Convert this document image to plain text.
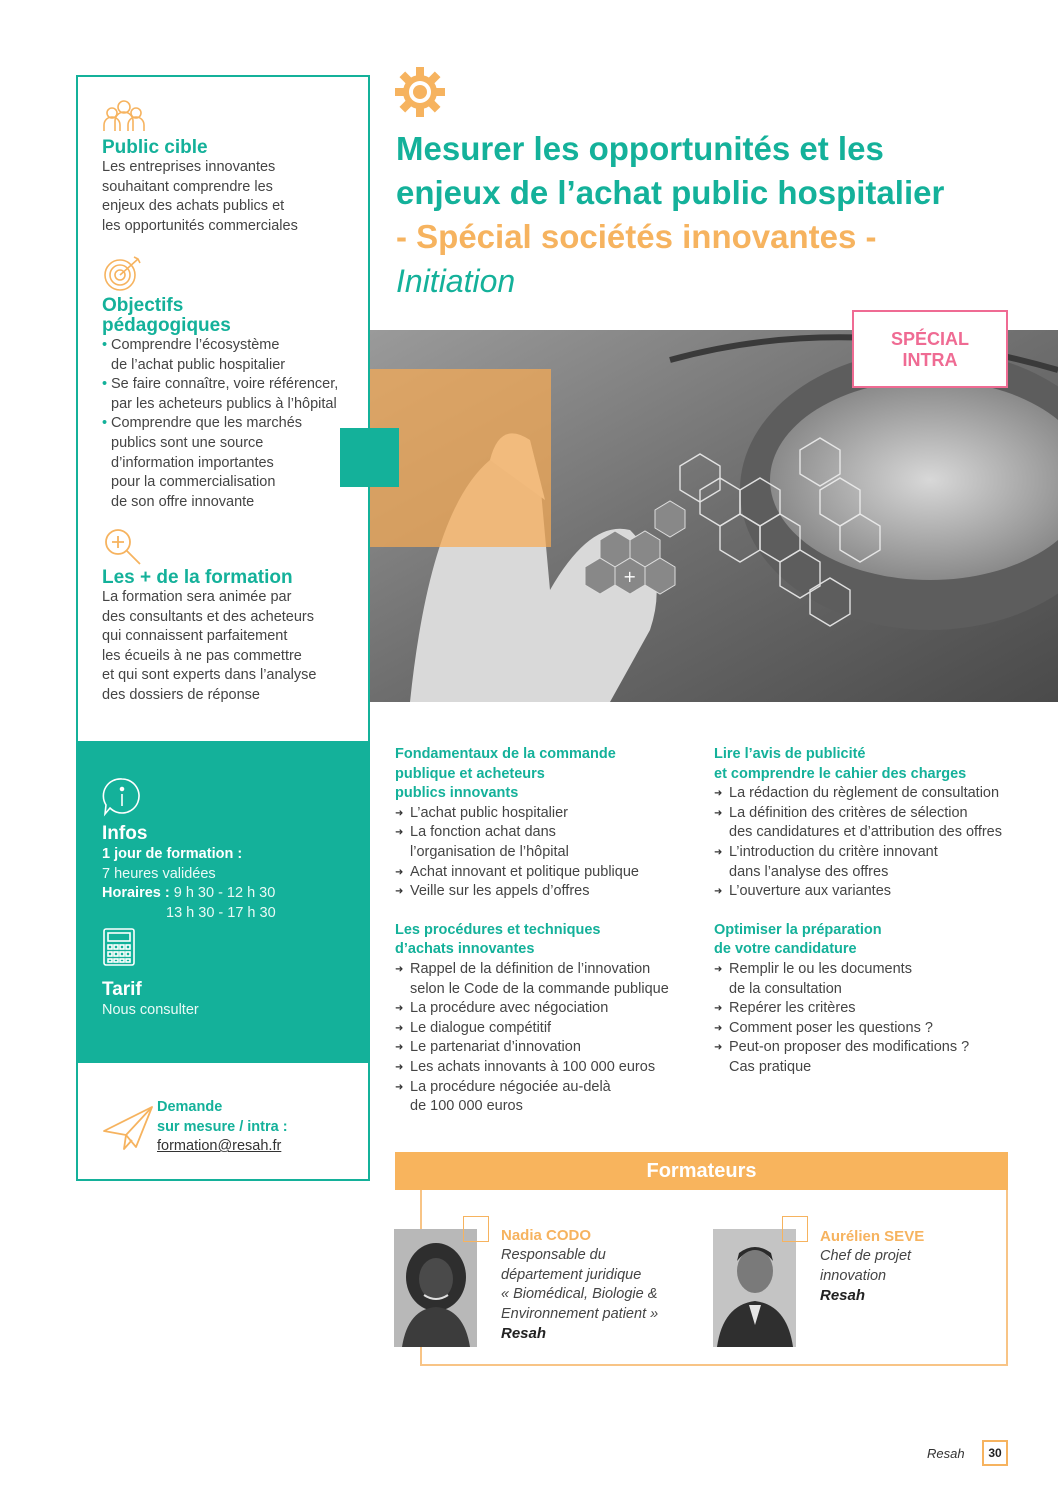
Public cible
Les entreprises innovantes
souhaitant comprendre les
enjeux des achats publics et
les opportunités commerciales
Objectifs
pédagogiques
• Comprendre l’écosystème
de l’achat public hospitalier
• Se faire connaître, voire référencer,
par les acheteurs publics à l’hôpital
• Comprendre que les marchés
publics sont une source
d’information importantes
pour la commercialisation
de son offre innovante
Les + de la formation
La formation sera animée par
des consultants et des acheteurs
qui connaissent parfaitement
les écueils à ne pas commettre
et qui sont experts dans l’analyse
des dossiers de réponse
Infos
1 jour de formation :
7 heures validées
Horaires : 9 h 30 - 12 h 30
13 h 30 - 17 h 30
Tarif
Nous consulter
Demande
sur mesure / intra :
formation@resah.fr
Mesurer les opportunités et les
enjeux de l’achat public hospitalier
- Spécial sociétés innovantes -
Initiation
+
SPÉCIAL
INTRA
Fondamentaux de la commande
publique et acheteurs
publics innovants
➜ L’achat public hospitalier
➜ La fonction achat dans
l’organisation de l’hôpital
➜ Achat innovant et politique publique
➜ Veille sur les appels d’offres
Les procédures et techniques
d’achats innovantes
➜ Rappel de la définition de l’innovation
selon le Code de la commande publique
➜ La procédure avec négociation
➜ Le dialogue compétitif
➜ Le partenariat d’innovation
➜ Les achats innovants à 100 000 euros
➜ La procédure négociée au-delà
de 100 000 euros
Lire l’avis de publicité
et comprendre le cahier des charges
➜ La rédaction du règlement de consultation
➜ La définition des critères de sélection
des candidatures et d’attribution des offres
➜ L’introduction du critère innovant
dans l’analyse des offres
➜ L’ouverture aux variantes
Optimiser la préparation
de votre candidature
➜ Remplir le ou les documents
de la consultation
➜ Repérer les critères
➜ Comment poser les questions ?
➜ Peut-on proposer des modifications ?
Cas pratique
Formateurs
Nadia CODO
Responsable du
département juridique
« Biomédical, Biologie &
Environnement patient »
Resah
Aurélien SEVE
Chef de projet
innovation
Resah
Resah	30
